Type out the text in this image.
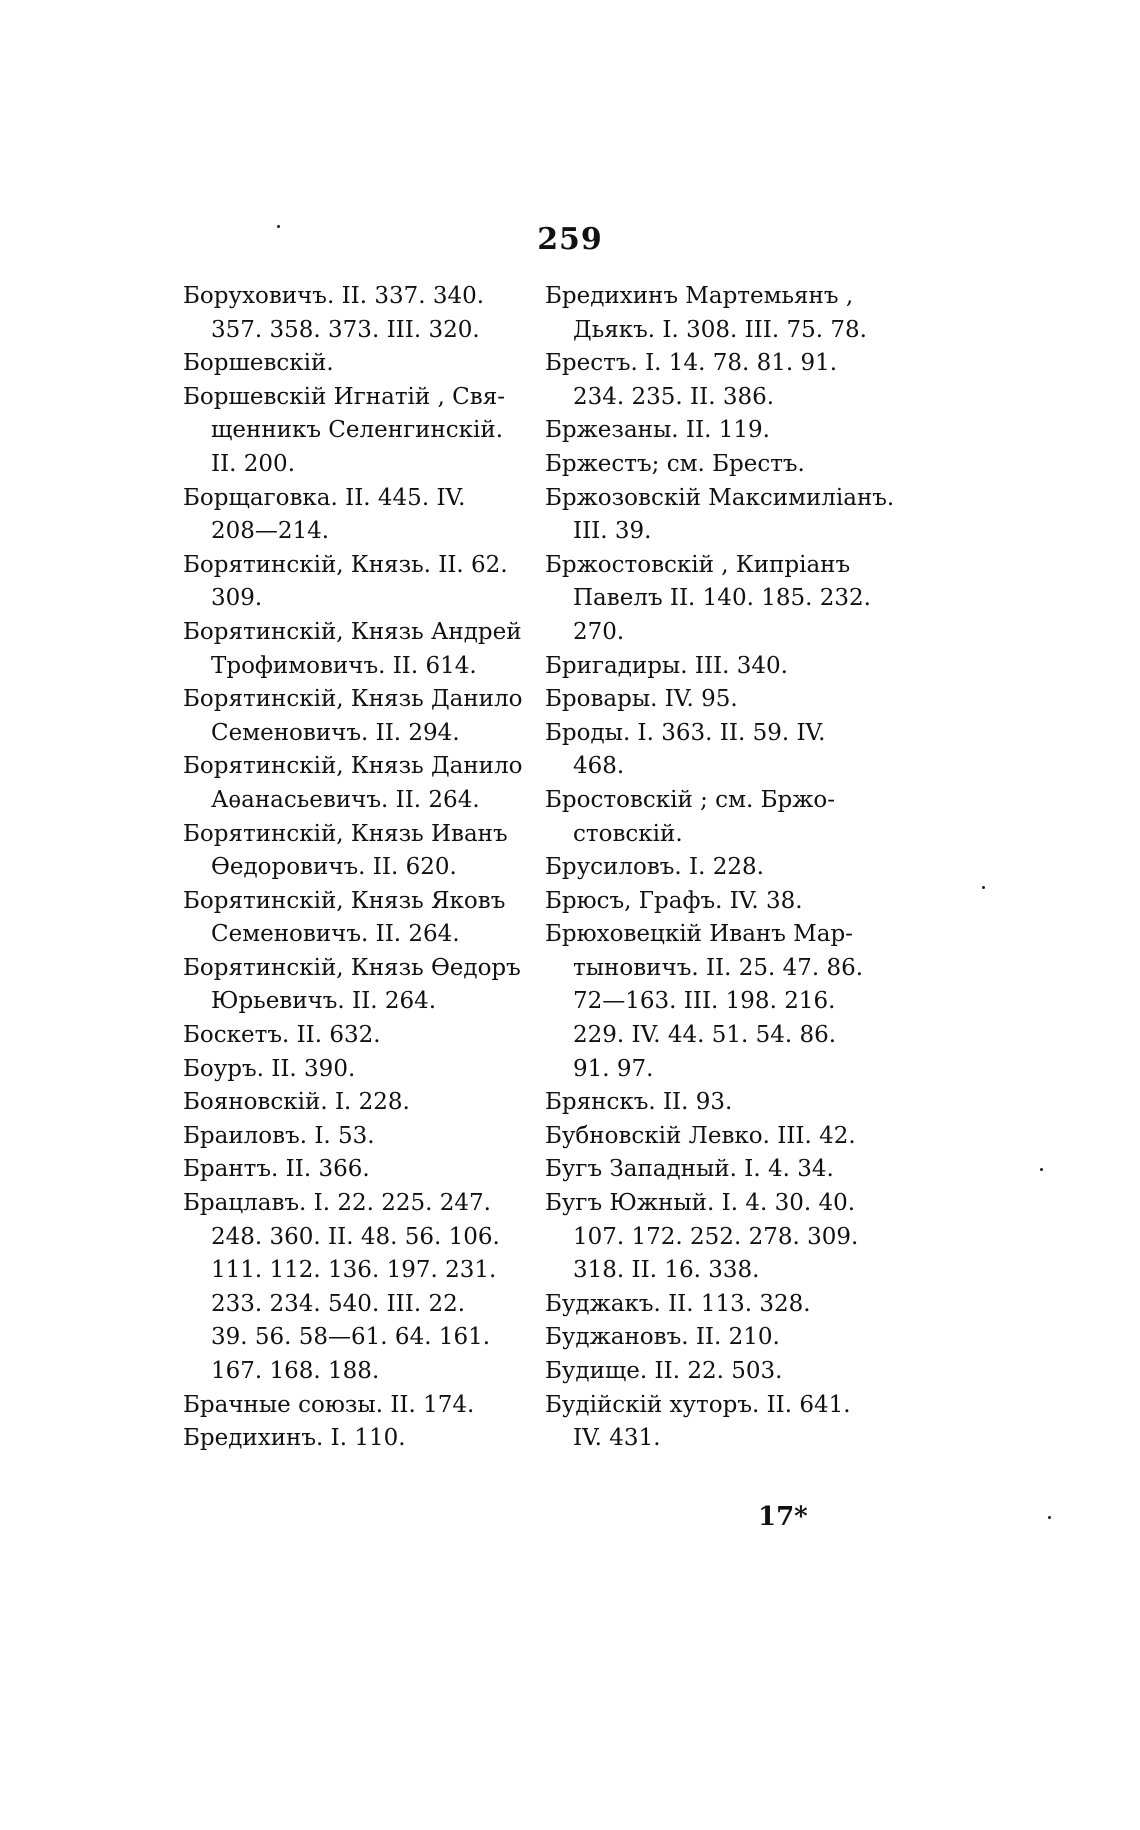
259
Боруховичъ. II. 337. 340.
357. 358. 373. III. 320.
Боршевскій.
Боршевскій Игнатій , Свя-
щенникъ Селенгинскій.
II. 200.
Борщаговка. II. 445. IV.
208—214.
Борятинскій, Князь. II. 62.
309.
Борятинскій, Князь Андрей
Трофимовичъ. II. 614.
Борятинскій, Князь Данило
Семеновичъ. II. 294.
Борятинскій, Князь Данило
Аѳанасьевичъ. II. 264.
Борятинскій, Князь Иванъ
Ѳедоровичъ. II. 620.
Борятинскій, Князь Яковъ
Семеновичъ. II. 264.
Борятинскій, Князь Ѳедоръ
Юрьевичъ. II. 264.
Боскетъ. II. 632.
Боуръ. II. 390.
Бояновскій. I. 228.
Браиловъ. I. 53.
Брантъ. II. 366.
Брацлавъ. I. 22. 225. 247.
248. 360. II. 48. 56. 106.
111. 112. 136. 197. 231.
233. 234. 540. III. 22.
39. 56. 58—61. 64. 161.
167. 168. 188.
Брачные союзы. II. 174.
Бредихинъ. I. 110.
Бредихинъ Мартемьянъ ,
Дьякъ. I. 308. III. 75. 78.
Брестъ. I. 14. 78. 81. 91.
234. 235. II. 386.
Бржезаны. II. 119.
Бржестъ; см. Брестъ.
Бржозовскій Максимиліанъ.
III. 39.
Бржостовскій , Кипріанъ
Павелъ II. 140. 185. 232.
270.
Бригадиры. III. 340.
Бровары. IV. 95.
Броды. I. 363. II. 59. IV.
468.
Бростовскій ; см. Бржо-
стовскій.
Брусиловъ. I. 228.
Брюсъ, Графъ. IV. 38.
Брюховецкій Иванъ Мар-
тыновичъ. II. 25. 47. 86.
72—163. III. 198. 216.
229. IV. 44. 51. 54. 86.
91. 97.
Брянскъ. II. 93.
Бубновскій Левко. III. 42.
Бугъ Западный. I. 4. 34.
Бугъ Южный. I. 4. 30. 40.
107. 172. 252. 278. 309.
318. II. 16. 338.
Буджакъ. II. 113. 328.
Буджановъ. II. 210.
Будище. II. 22. 503.
Будійскій хуторъ. II. 641.
IV. 431.
17*
